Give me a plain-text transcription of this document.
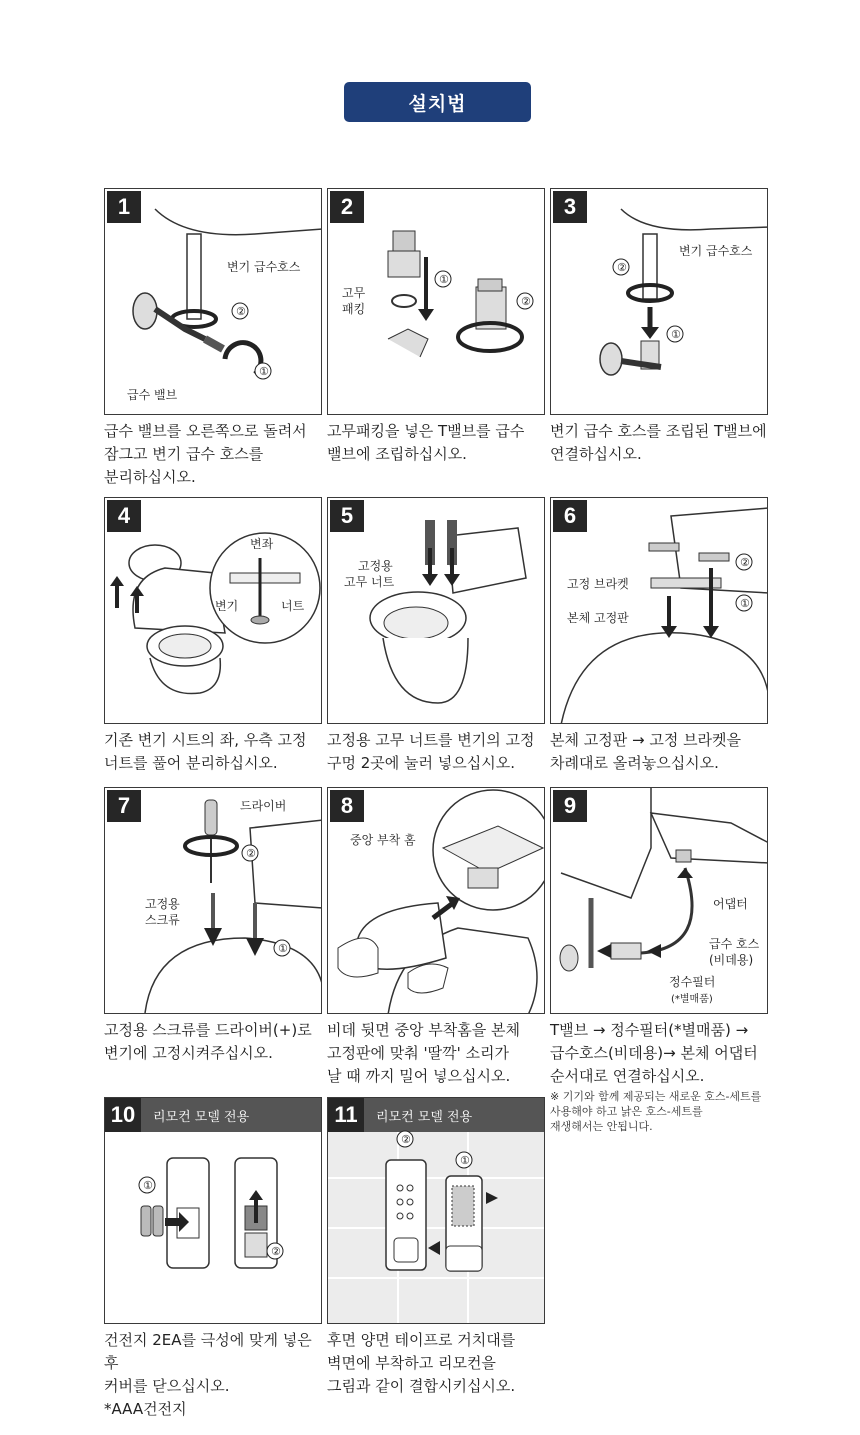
설치법
변기 급수호스
급수 밸브
①
②
1
급수 밸브를 오른쪽으로 돌려서
잠그고 변기 급수 호스를
분리하십시오.
고무
패킹
①
②
2
고무패킹을 넣은 T밸브를 급수
밸브에 조립하십시오.
변기 급수호스
①
②
3
변기 급수 호스를 조립된 T밸브에
연결하십시오.
변좌
변기	너트
4
기존 변기 시트의 좌, 우측 고정
너트를 풀어 분리하십시오.
고정용
고무 너트
5
고정용 고무 너트를 변기의 고정
구멍 2곳에 눌러 넣으십시오.
고정 브라켓
본체 고정판
①
②
6
본체 고정판 → 고정 브라켓을
차례대로 올려놓으십시오.
드라이버
고정용
스크류
①
②
7
고정용 스크류를 드라이버(+)로
변기에 고정시켜주십시오.
중앙 부착 홈
8
비데 뒷면 중앙 부착홈을 본체
고정판에 맞춰 '딸깍' 소리가
날 때 까지 밀어 넣으십시오.
어댑터
급수 호스
(비데용)
정수필터
(*별매품)
9
T밸브 → 정수필터(*별매품) →
급수호스(비데용)→ 본체 어댑터
순서대로 연결하십시오.
※ 기기와 함께 제공되는 새로운 호스-세트를
사용해야 하고 낡은 호스-세트를
재생해서는 안됩니다.
10	리모컨 모델 전용
①
②
건전지 2EA를 극성에 맞게 넣은 후
커버를 닫으십시오.
*AAA건전지
11	리모컨 모델 전용
②
①
후면 양면 테이프로 거치대를
벽면에 부착하고 리모컨을
그림과 같이 결합시키십시오.
